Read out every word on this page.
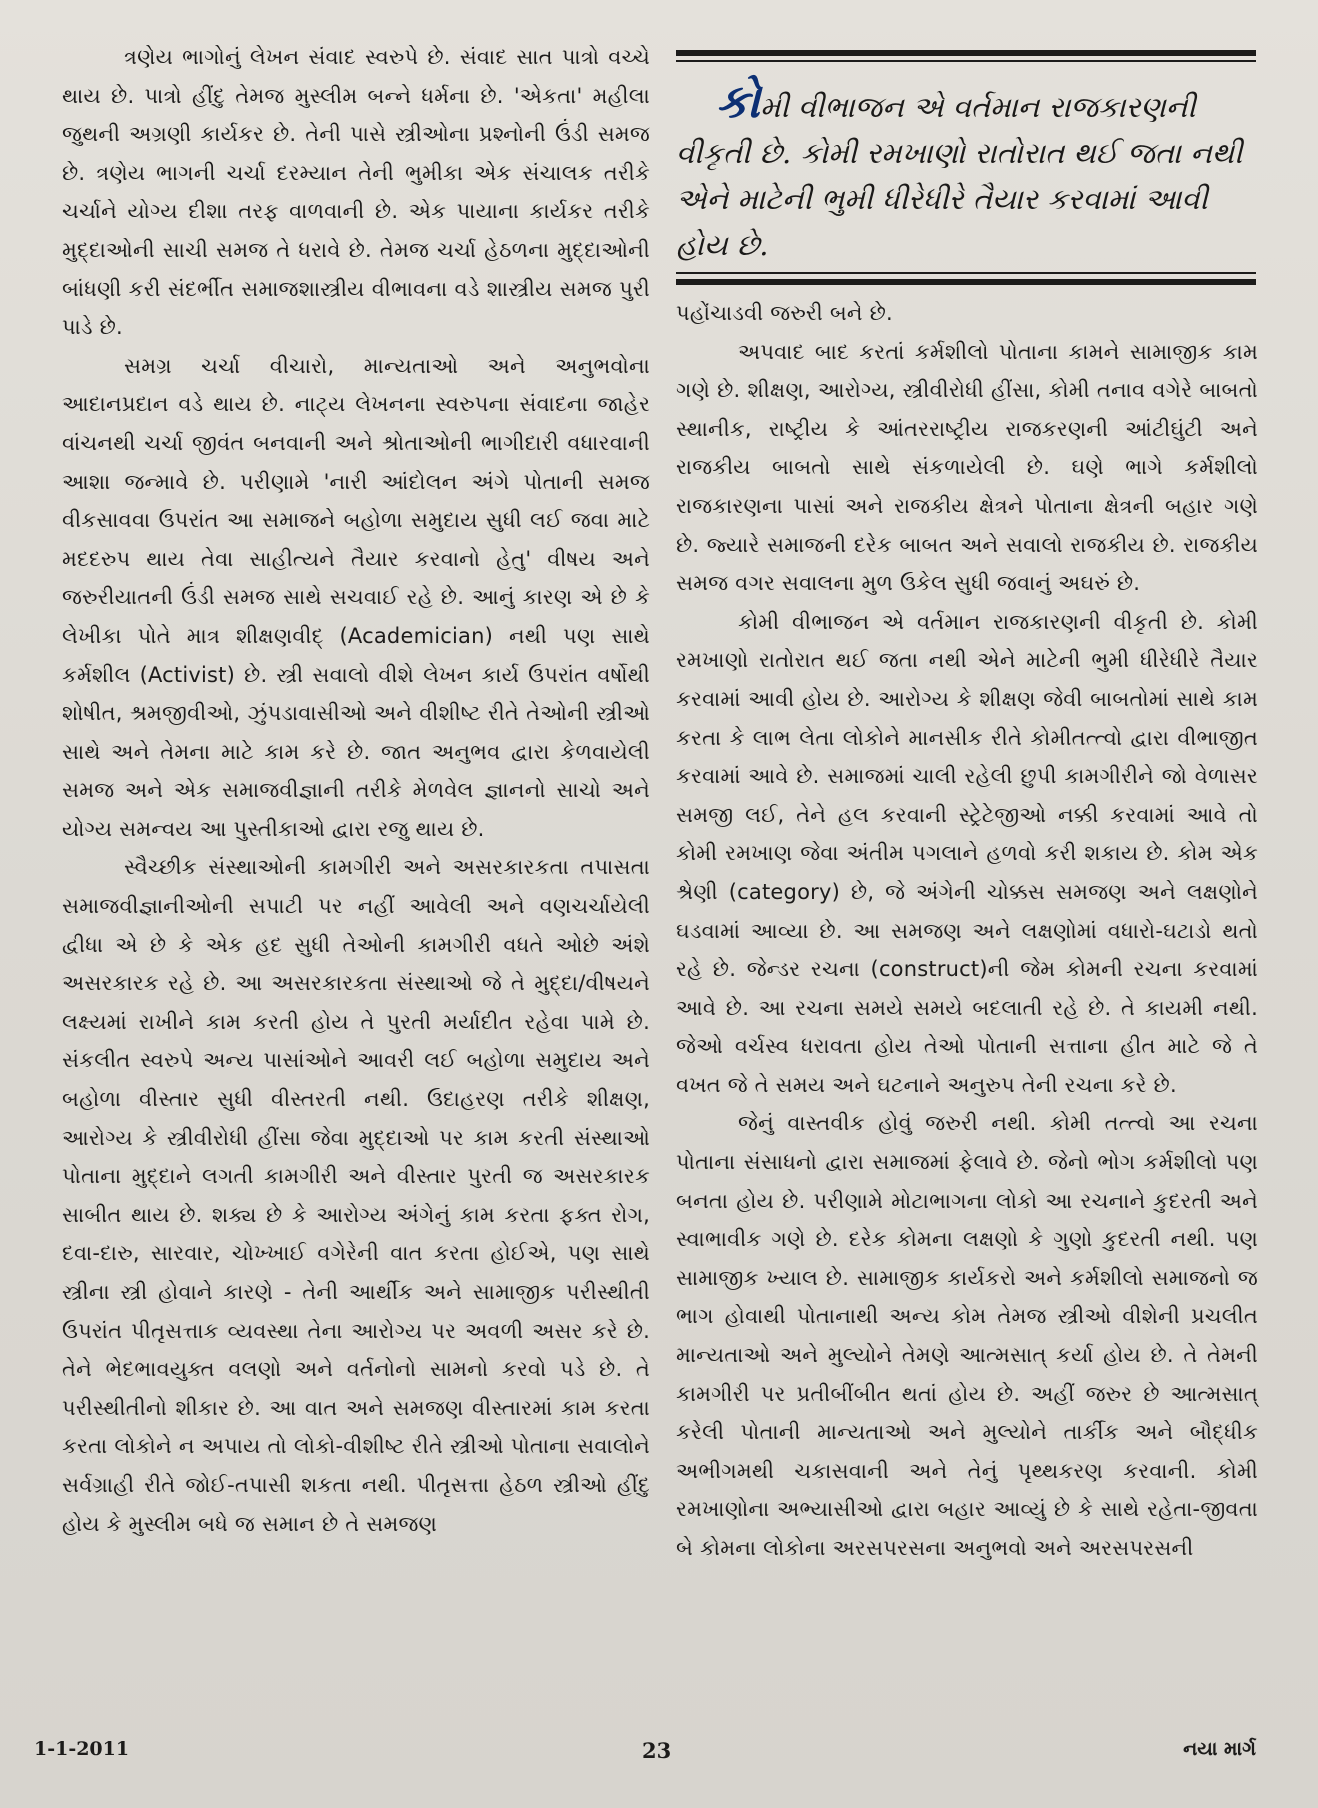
ત્રણેય ભાગોનું લેખન સંવાદ સ્વરુપે છે. સંવાદ સાત પાત્રો વચ્ચે થાય છે. પાત્રો હીંદુ તેમજ મુસ્લીમ બન્ને ધર્મના છે. 'એકતા' મહીલા જુથની અગ્રણી કાર્યકર છે. તેની પાસે સ્ત્રીઓના પ્રશ્નોની ઉંડી સમજ છે. ત્રણેય ભાગની ચર્ચા દરમ્યાન તેની ભુમીકા એક સંચાલક તરીકે ચર્ચાને યોગ્ય દીશા તરફ વાળવાની છે. એક પાયાના કાર્યકર તરીકે મુદ્દાઓની સાચી સમજ તે ધરાવે છે. તેમજ ચર્ચા હેઠળના મુદ્દાઓની બાંધણી કરી સંદર્ભીત સમાજશાસ્ત્રીય વીભાવના વડે શાસ્ત્રીય સમજ પુરી પાડે છે.

સમગ્ર ચર્ચા વીચારો, માન્યતાઓ અને અનુભવોના આદાનપ્રદાન વડે થાય છે. નાટ્ય લેખનના સ્વરુપના સંવાદના જાહેર વાંચનથી ચર્ચા જીવંત બનવાની અને શ્રોતાઓની ભાગીદારી વધારવાની આશા જન્માવે છે. પરીણામે 'નારી આંદોલન અંગે પોતાની સમજ વીકસાવવા ઉપરાંત આ સમાજને બહોળા સમુદાય સુધી લઈ જવા માટે મદદરુપ થાય તેવા સાહીત્યને તૈયાર કરવાનો હેતુ' વીષય અને જરુરીયાતની ઉંડી સમજ સાથે સચવાઈ રહે છે. આનું કારણ એ છે કે લેખીકા પોતે માત્ર શીક્ષણવીદ્ (Academician) નથી પણ સાથે કર્મશીલ (Activist) છે. સ્ત્રી સવાલો વીશે લેખન કાર્ય ઉપરાંત વર્ષોથી શોષીત, શ્રમજીવીઓ, ઝુંપડાવાસીઓ અને વીશીષ્ટ રીતે તેઓની સ્ત્રીઓ સાથે અને તેમના માટે કામ કરે છે. જાત અનુભવ દ્વારા કેળવાયેલી સમજ અને એક સમાજવીજ્ઞાની તરીકે મેળવેલ જ્ઞાનનો સાચો અને યોગ્ય સમન્વય આ પુસ્તીકાઓ દ્વારા રજુ થાય છે.

સ્વૈચ્છીક સંસ્થાઓની કામગીરી અને અસરકારકતા તપાસતા સમાજવીજ્ઞાનીઓની સપાટી પર નહીં આવેલી અને વણચર્ચાયેલી દ્વીધા એ છે કે એક હદ સુધી તેઓની કામગીરી વધતે ઓછે અંશે અસરકારક રહે છે. આ અસરકારકતા સંસ્થાઓ જે તે મુદ્દા/વીષયને લક્ષ્યમાં રાખીને કામ કરતી હોય તે પુરતી મર્યાદીત રહેવા પામે છે. સંકલીત સ્વરુપે અન્ય પાસાંઓને આવરી લઈ બહોળા સમુદાય અને બહોળા વીસ્તાર સુધી વીસ્તરતી નથી. ઉદાહરણ તરીકે શીક્ષણ, આરોગ્ય કે સ્ત્રીવીરોધી હીંસા જેવા મુદ્દાઓ પર કામ કરતી સંસ્થાઓ પોતાના મુદ્દાને લગતી કામગીરી અને વીસ્તાર પુરતી જ અસરકારક સાબીત થાય છે. શક્ય છે કે આરોગ્ય અંગેનું કામ કરતા ફક્ત રોગ, દવા-દારુ, સારવાર, ચોખ્ખાઈ વગેરેની વાત કરતા હોઈએ, પણ સાથે સ્ત્રીના સ્ત્રી હોવાને કારણે - તેની આર્થીક અને સામાજીક પરીસ્થીતી ઉપરાંત પીતૃસત્તાક વ્યવસ્થા તેના આરોગ્ય પર અવળી અસર કરે છે. તેને ભેદભાવયુક્ત વલણો અને વર્તનોનો સામનો કરવો પડે છે. તે પરીસ્થીતીનો શીકાર છે. આ વાત અને સમજણ વીસ્તારમાં કામ કરતા કરતા લોકોને ન અપાય તો લોકો-વીશીષ્ટ રીતે સ્ત્રીઓ પોતાના સવાલોને સર્વગ્રાહી રીતે જોઈ-તપાસી શકતા નથી. પીતૃસત્તા હેઠળ સ્ત્રીઓ હીંદુ હોય કે મુસ્લીમ બધે જ સમાન છે તે સમજણ

કોમી વીભાજન એ વર્તમાન રાજકારણની વીકૃતી છે. કોમી રમખાણો રાતોરાત થઈ જતા નથી એને માટેની ભુમી ધીરેધીરે તૈયાર કરવામાં આવી હોય છે.

પહોંચાડવી જરુરી બને છે.

અપવાદ બાદ કરતાં કર્મશીલો પોતાના કામને સામાજીક કામ ગણે છે. શીક્ષણ, આરોગ્ય, સ્ત્રીવીરોધી હીંસા, કોમી તનાવ વગેરે બાબતો સ્થાનીક, રાષ્ટ્રીય કે આંતરરાષ્ટ્રીય રાજકરણની આંટીઘુંટી અને રાજકીય બાબતો સાથે સંકળાયેલી છે. ઘણે ભાગે કર્મશીલો રાજકારણના પાસાં અને રાજકીય ક્ષેત્રને પોતાના ક્ષેત્રની બહાર ગણે છે. જ્યારે સમાજની દરેક બાબત અને સવાલો રાજકીય છે. રાજકીય સમજ વગર સવાલના મુળ ઉકેલ સુધી જવાનું અઘરું છે.

કોમી વીભાજન એ વર્તમાન રાજકારણની વીકૃતી છે. કોમી રમખાણો રાતોરાત થઈ જતા નથી એને માટેની ભુમી ધીરેધીરે તૈયાર કરવામાં આવી હોય છે. આરોગ્ય કે શીક્ષણ જેવી બાબતોમાં સાથે કામ કરતા કે લાભ લેતા લોકોને માનસીક રીતે કોમીતત્ત્વો દ્વારા વીભાજીત કરવામાં આવે છે. સમાજમાં ચાલી રહેલી છુપી કામગીરીને જો વેળાસર સમજી લઈ, તેને હલ કરવાની સ્ટ્રેટેજીઓ નક્કી કરવામાં આવે તો કોમી રમખાણ જેવા અંતીમ પગલાને હળવો કરી શકાય છે. કોમ એક શ્રેણી (category) છે, જે અંગેની ચોક્કસ સમજણ અને લક્ષણોને ઘડવામાં આવ્યા છે. આ સમજણ અને લક્ષણોમાં વધારો-ઘટાડો થતો રહે છે. જેન્ડર રચના (construct)ની જેમ કોમની રચના કરવામાં આવે છે. આ રચના સમયે સમયે બદલાતી રહે છે. તે કાયમી નથી. જેઓ વર્ચસ્વ ધરાવતા હોય તેઓ પોતાની સત્તાના હીત માટે જે તે વખત જે તે સમય અને ઘટનાને અનુરુપ તેની રચના કરે છે.

જેનું વાસ્તવીક હોવું જરુરી નથી. કોમી તત્ત્વો આ રચના પોતાના સંસાધનો દ્વારા સમાજમાં ફેલાવે છે. જેનો ભોગ કર્મશીલો પણ બનતા હોય છે. પરીણામે મોટાભાગના લોકો આ રચનાને કુદરતી અને સ્વાભાવીક ગણે છે. દરેક કોમના લક્ષણો કે ગુણો કુદરતી નથી. પણ સામાજીક ખ્યાલ છે. સામાજીક કાર્યકરો અને કર્મશીલો સમાજનો જ ભાગ હોવાથી પોતાનાથી અન્ય કોમ તેમજ સ્ત્રીઓ વીશેની પ્રચલીત માન્યતાઓ અને મુલ્યોને તેમણે આત્મસાત્ કર્યા હોય છે. તે તેમની કામગીરી પર પ્રતીબીંબીત થતાં હોય છે. અહીં જરુર છે આત્મસાત્ કરેલી પોતાની માન્યતાઓ અને મુલ્યોને તાર્કીક અને બૌદ્ધીક અભીગમથી ચકાસવાની અને તેનું પૃથ્થકરણ કરવાની. કોમી રમખાણોના અભ્યાસીઓ દ્વારા બહાર આવ્યું છે કે સાથે રહેતા-જીવતા બે કોમના લોકોના અરસપરસના અનુભવો અને અરસપરસની

1-1-2011	23	નયા માર્ગ
